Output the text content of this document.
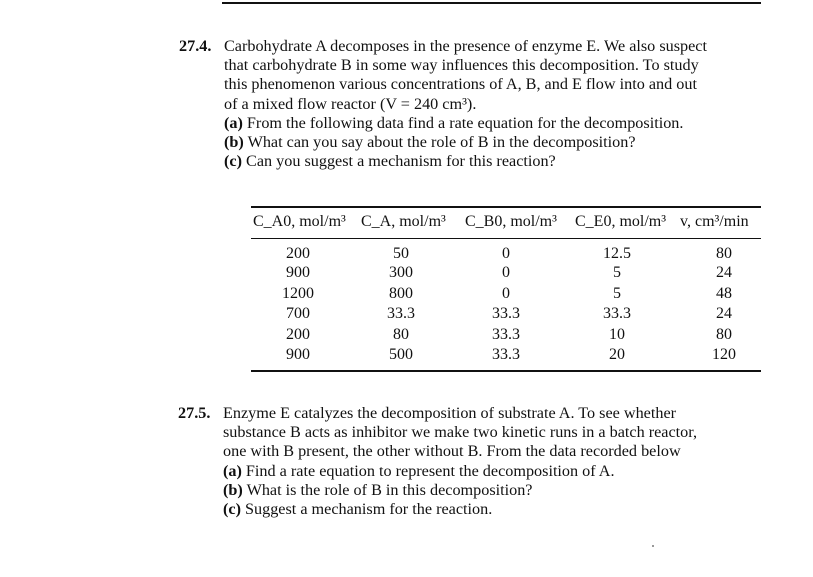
27.4. Carbohydrate A decomposes in the presence of enzyme E. We also suspect
that carbohydrate B in some way influences this decomposition. To study
this phenomenon various concentrations of A, B, and E flow into and out
of a mixed flow reactor (V = 240 cm³).
(a) From the following data find a rate equation for the decomposition.
(b) What can you say about the role of B in the decomposition?
(c) Can you suggest a mechanism for this reaction?
C_A0, mol/m³ C_A, mol/m³ C_B0, mol/m³ C_E0, mol/m³ v, cm³/min
200	50	0	12.5	80
900	300	0	5	24
1200	800	0	5	48
700	33.3	33.3	33.3	24
200	80	33.3	10	80
900	500	33.3	20	120
27.5. Enzyme E catalyzes the decomposition of substrate A. To see whether
substance B acts as inhibitor we make two kinetic runs in a batch reactor,
one with B present, the other without B. From the data recorded below
(a) Find a rate equation to represent the decomposition of A.
(b) What is the role of B in this decomposition?
(c) Suggest a mechanism for the reaction.
